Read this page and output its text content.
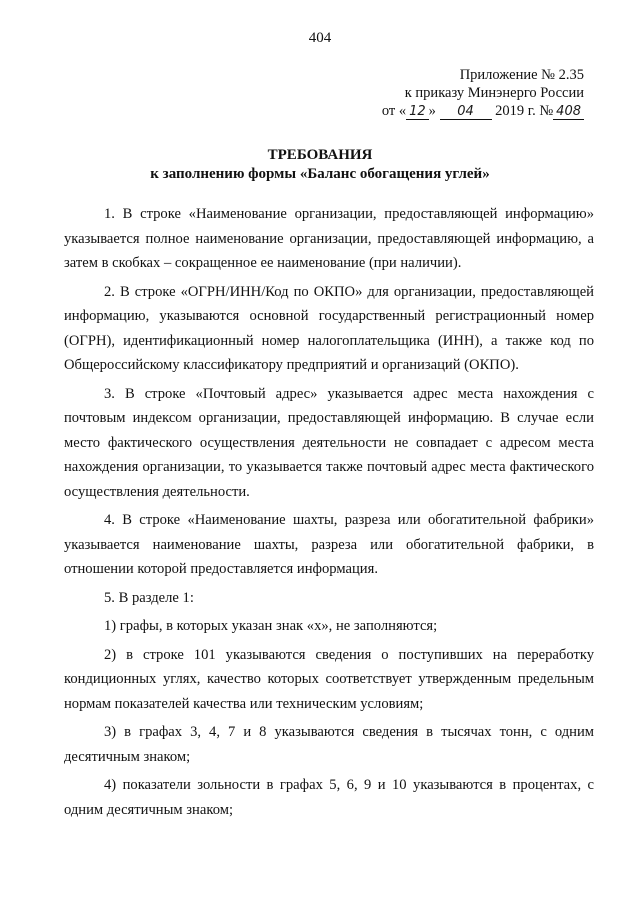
404
Приложение № 2.35
к приказу Минэнерго России
от « 12 » 04 2019 г. № 408
ТРЕБОВАНИЯ
к заполнению формы «Баланс обогащения углей»

1. В строке «Наименование организации, предоставляющей информацию» указывается полное наименование организации, предоставляющей информацию, а затем в скобках – сокращенное ее наименование (при наличии).

2. В строке «ОГРН/ИНН/Код по ОКПО» для организации, предоставляющей информацию, указываются основной государственный регистрационный номер (ОГРН), идентификационный номер налогоплательщика (ИНН), а также код по Общероссийскому классификатору предприятий и организаций (ОКПО).

3. В строке «Почтовый адрес» указывается адрес места нахождения с почтовым индексом организации, предоставляющей информацию. В случае если место фактического осуществления деятельности не совпадает с адресом места нахождения организации, то указывается также почтовый адрес места фактического осуществления деятельности.

4. В строке «Наименование шахты, разреза или обогатительной фабрики» указывается наименование шахты, разреза или обогатительной фабрики, в отношении которой предоставляется информация.

5. В разделе 1:

1) графы, в которых указан знак «х», не заполняются;

2) в строке 101 указываются сведения о поступивших на переработку кондиционных углях, качество которых соответствует утвержденным предельным нормам показателей качества или техническим условиям;

3) в графах 3, 4, 7 и 8 указываются сведения в тысячах тонн, с одним десятичным знаком;

4) показатели зольности в графах 5, 6, 9 и 10 указываются в процентах, с одним десятичным знаком;
